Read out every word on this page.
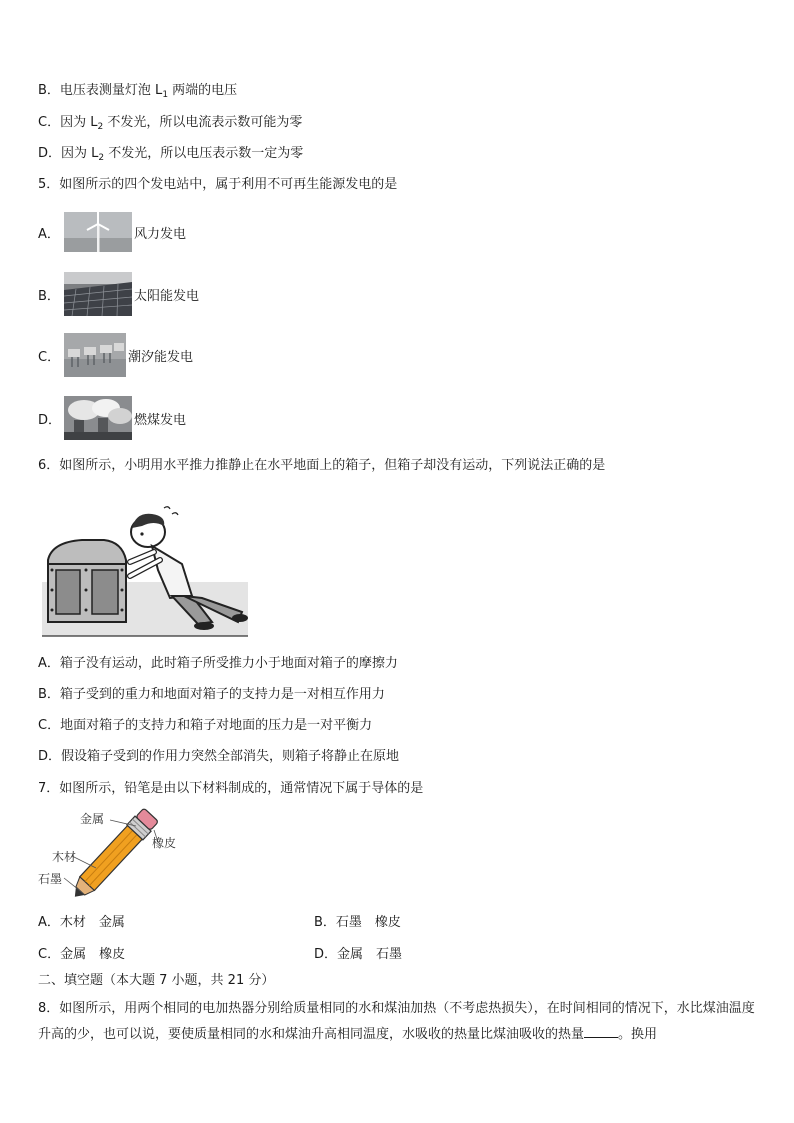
B．电压表测量灯泡 $L_1$ 两端的电压
C．因为 $L_2$ 不发光，所以电流表示数可能为零
D．因为 $L_2$ 不发光，所以电压表示数一定为零
5．如图所示的四个发电站中，属于利用不可再生能源发电的是
A．	风力发电
B．	太阳能发电
C．	潮汐能发电
D．	燃煤发电
6．如图所示，小明用水平推力推静止在水平地面上的箱子，但箱子却没有运动，下列说法正确的是
A．箱子没有运动，此时箱子所受推力小于地面对箱子的摩擦力
B．箱子受到的重力和地面对箱子的支持力是一对相互作用力
C．地面对箱子的支持力和箱子对地面的压力是一对平衡力
D．假设箱子受到的作用力突然全部消失，则箱子将静止在原地
7．如图所示，铅笔是由以下材料制成的，通常情况下属于导体的是
金属
橡皮
木材
石墨
A．木材　金属	B．石墨　橡皮
C．金属　橡皮	D．金属　石墨
二、填空题（本大题 7 小题，共 21 分）
8．如图所示，用两个相同的电加热器分别给质量相同的水和煤油加热（不考虑热损失），在时间相同的情况下，水比煤油温度升高的少，也可以说，要使质量相同的水和煤油升高相同温度，水吸收的热量比煤油吸收的热量	。换用
